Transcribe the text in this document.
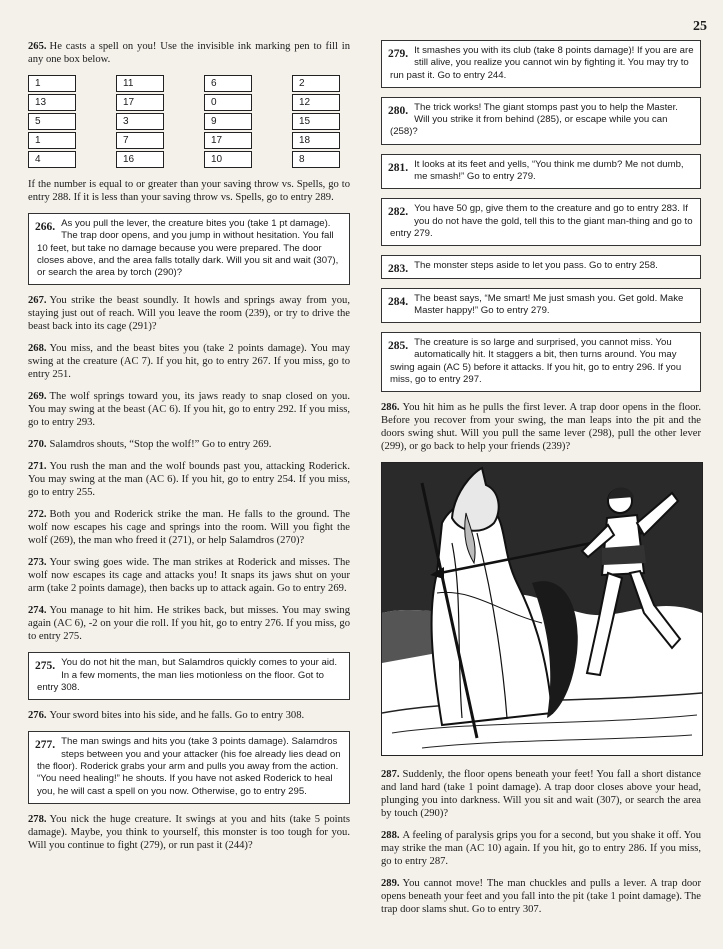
25

265. He casts a spell on you! Use the invisible ink marking pen to fill in any one box below.

1
13
5
1
4
11
17
3
7
16
6
0
9
17
10
2
12
15
18
8

If the number is equal to or greater than your saving throw vs. Spells, go to entry 288. If it is less than your saving throw vs. Spells, go to entry 289.

266. As you pull the lever, the creature bites you (take 1 pt damage). The trap door opens, and you jump in without hesitation. You fall 10 feet, but take no damage because you were prepared. The door closes above, and the area falls totally dark. Will you sit and wait (307), or search the area by torch (290)?

267. You strike the beast soundly. It howls and springs away from you, staying just out of reach. Will you leave the room (239), or try to drive the beast back into its cage (291)?

268. You miss, and the beast bites you (take 2 points damage). You may swing at the creature (AC 7). If you hit, go to entry 267. If you miss, go to entry 251.

269. The wolf springs toward you, its jaws ready to snap closed on you. You may swing at the beast (AC 6). If you hit, go to entry 292. If you miss, go to entry 293.

270. Salamdros shouts, “Stop the wolf!” Go to entry 269.

271. You rush the man and the wolf bounds past you, attacking Roderick. You may swing at the man (AC 6). If you hit, go to entry 254. If you miss, go to entry 255.

272. Both you and Roderick strike the man. He falls to the ground. The wolf now escapes his cage and springs into the room. Will you fight the wolf (269), the man who freed it (271), or help Salamdros (270)?

273. Your swing goes wide. The man strikes at Roderick and misses. The wolf now escapes its cage and attacks you! It snaps its jaws shut on your arm (take 2 points damage), then backs up to attack again. Go to entry 269.

274. You manage to hit him. He strikes back, but misses. You may swing again (AC 6), -2 on your die roll. If you hit, go to entry 276. If you miss, go to entry 275.

275. You do not hit the man, but Salamdros quickly comes to your aid. In a few moments, the man lies motionless on the floor. Got to entry 308.

276. Your sword bites into his side, and he falls. Go to entry 308.

277. The man swings and hits you (take 3 points damage). Salamdros steps between you and your attacker (his foe already lies dead on the floor). Roderick grabs your arm and pulls you away from the action. “You need healing!” he shouts. If you have not asked Roderick to heal you, he will cast a spell on you now. Otherwise, go to entry 295.

278. You nick the huge creature. It swings at you and hits (take 5 points damage). Maybe, you think to yourself, this monster is too tough for you. Will you continue to fight (279), or run past it (244)?

279. It smashes you with its club (take 8 points damage)! If you are are still alive, you realize you cannot win by fighting it. You may try to run past it. Go to entry 244.
280. The trick works! The giant stomps past you to help the Master. Will you strike it from behind (285), or escape while you can (258)?
281. It looks at its feet and yells, “You think me dumb? Me not dumb, me smash!” Go to entry 279.
282. You have 50 gp, give them to the creature and go to entry 283. If you do not have the gold, tell this to the giant man-thing and go to entry 279.
283. The monster steps aside to let you pass. Go to entry 258.
284. The beast says, “Me smart! Me just smash you. Get gold. Make Master happy!” Go to entry 279.
285. The creature is so large and surprised, you cannot miss. You automatically hit. It staggers a bit, then turns around. You may swing again (AC 5) before it attacks. If you hit, go to entry 296. If you miss, go to entry 297.

286. You hit him as he pulls the first lever. A trap door opens in the floor. Before you recover from your swing, the man leaps into the pit and the doors swing shut. Will you pull the same lever (298), pull the other lever (299), or go back to help your friends (239)?

287. Suddenly, the floor opens beneath your feet! You fall a short distance and land hard (take 1 point damage). A trap door closes above your head, plunging you into darkness. Will you sit and wait (307), or search the area by touch (290)?

288. A feeling of paralysis grips you for a second, but you shake it off. You may strike the man (AC 10) again. If you hit, go to entry 286. If you miss, go to entry 287.

289. You cannot move! The man chuckles and pulls a lever. A trap door opens beneath your feet and you fall into the pit (take 1 point damage). The trap door slams shut. Go to entry 307.
